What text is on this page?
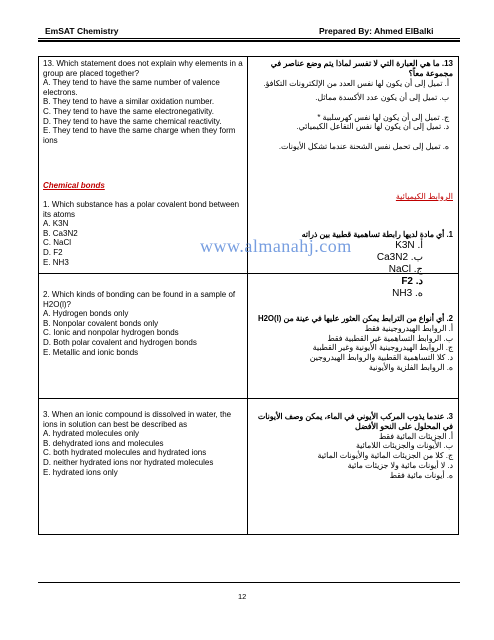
EmSAT Chemistry	Prepared By: Ahmed ElBalki

13. Which statement does not explain why elements in a group are placed together?

A. They tend to have the same number of valence electrons.

B. They tend to have a similar oxidation number.

C. They tend to have the same electronegativity.

D. They tend to have the same chemical reactivity.

E. They tend to have the same charge when they form ions

Chemical bonds

1. Which substance has a polar covalent bond between its atoms

A. K3N

B. Ca3N2

C. NaCl

D. F2

E. NH3

2. Which kinds of bonding can be found in a sample of H2O(l)?

A. Hydrogen bonds only

B. Nonpolar covalent bonds only

C. Ionic and nonpolar hydrogen bonds

D. Both polar covalent and hydrogen bonds

E. Metallic and ionic bonds

3. When an ionic compound is dissolved in water, the ions in solution can best be described as

A. hydrated molecules only

B. dehydrated ions and molecules

C. both hydrated molecules and hydrated ions

D. neither hydrated ions nor hydrated molecules

E. hydrated ions only

13. ما هي العبارة التي لا تفسر لماذا يتم وضع عناصر في مجموعة معاً؟

أ. تميل إلى أن يكون لها نفس العدد من الإلكترونات التكافؤ.

ب. تميل إلى أن يكون عدد الأكسدة مماثل.

ج. تميل إلى أن يكون لها نفس كهرسلبية *

د. تميل إلى أن يكون لها نفس التفاعل الكيميائي.

ه. تميل إلى تحمل نفس الشحنة عندما تشكل الأيونات.

الروابط الكيميائية

1. أي مادة لديها رابطة تساهمية قطبية بين ذراته

أ. K3N

ب. Ca3N2

ج. NaCl

د. F2

ه. NH3

2. أي أنواع من الترابط يمكن العثور عليها في عينة من H2O(l)

أ. الروابط الهيدروجينية فقط

ب. الروابط التساهمية غير القطبية فقط

ج. الروابط الهيدروجينية الأيونية وغير القطبية

د. كلا التساهمية القطبية والروابط الهيدروجين

ه. الروابط الفلزية والأيونية

3. عندما يذوب المركب الأيوني في الماء، يمكن وصف الأيونات في المحلول على النحو الأفضل

أ. الجزيئات المائية فقط

ب. الأيونات والجزيئات اللامائية

ج. كلا من الجزيئات المائية والأيونات المائية

د. لا أيونات مائية ولا جزيئات مائية

ه. أيونات مائية فقط

www.almanahj.com
12
